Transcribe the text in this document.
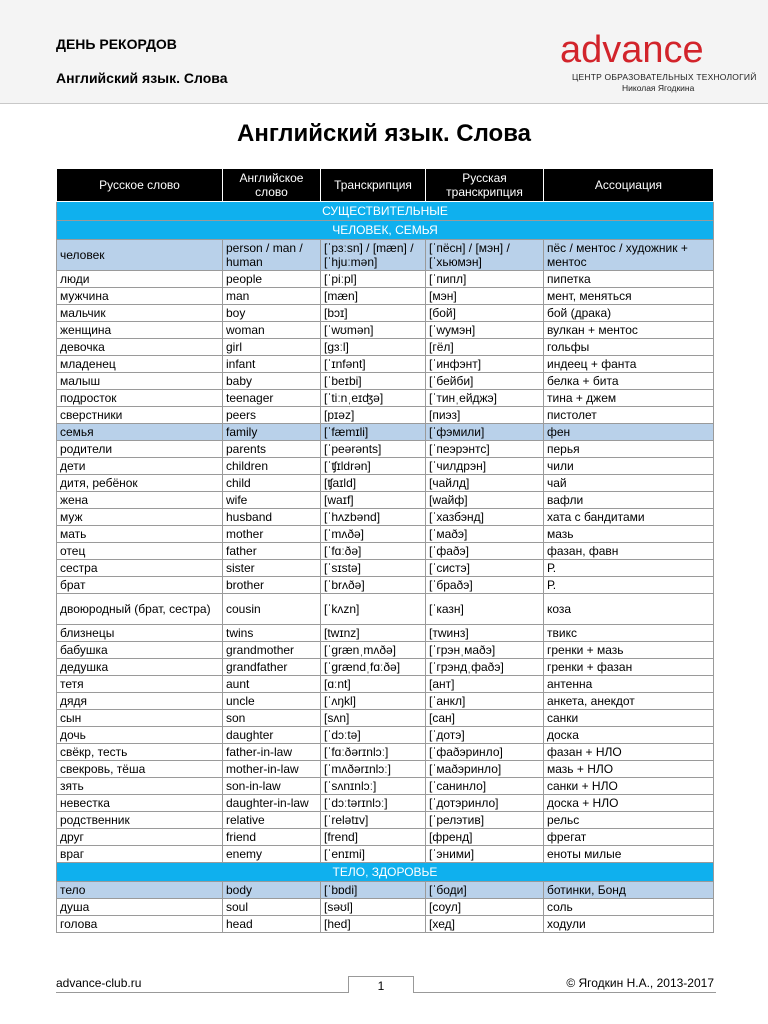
ДЕНЬ РЕКОРДОВ
Английский язык. Слова
advance
ЦЕНТР ОБРАЗОВАТЕЛЬНЫХ ТЕХНОЛОГИЙ
Николая Ягодкина
Английский язык. Слова
Русское слово	Английское слово	Транскрипция	Русская транскрипция	Ассоциация
СУЩЕСТВИТЕЛЬНЫЕ				
ЧЕЛОВЕК, СЕМЬЯ				
человек	person / man / human	[ˈpɜːsn] / [mæn] / [ˈhjuːmən]	[ˈпёсн] / [мэн] / [ˈхьюмэн]	пёс / ментос / художник + ментос
люди	people	[ˈpiːpl]	[ˈпипл]	пипетка
мужчина	man	[mæn]	[мэн]	мент, меняться
мальчик	boy	[bɔɪ]	[бой]	бой (драка)
женщина	woman	[ˈwʊmən]	[ˈwумэн]	вулкан + ментос
девочка	girl	[gɜːl]	[гёл]	гольфы
младенец	infant	[ˈɪnfənt]	[ˈинфэнт]	индеец + фанта
малыш	baby	[ˈbeɪbi]	[ˈбейби]	белка + бита
подросток	teenager	[ˈtiːnˌeɪʤə]	[ˈтинˌейджэ]	тина + джем
сверстники	peers	[pɪəz]	[пиэз]	пистолет
семья	family	[ˈfæmɪli]	[ˈфэмили]	фен
родители	parents	[ˈpeərənts]	[ˈпеэрэнтс]	перья
дети	children	[ˈʧɪldrən]	[ˈчилдрэн]	чили
дитя, ребёнок	child	[ʧaɪld]	[чайлд]	чай
жена	wife	[waɪf]	[wайф]	вафли
муж	husband	[ˈhʌzbənd]	[ˈхазбэнд]	хата с бандитами
мать	mother	[ˈmʌðə]	[ˈмаðэ]	мазь
отец	father	[ˈfɑːðə]	[ˈфаðэ]	фазан, фавн
сестра	sister	[ˈsɪstə]	[ˈсистэ]	Р.
брат	brother	[ˈbrʌðə]	[ˈбраðэ]	Р.
двоюродный (брат, сестра)	cousin	[ˈkʌzn]	[ˈказн]	коза
близнецы	twins	[twɪnz]	[тwинз]	твикс
бабушка	grandmother	[ˈgrænˌmʌðə]	[ˈгрэнˌмаðэ]	гренки + мазь
дедушка	grandfather	[ˈgrændˌfɑːðə]	[ˈгрэндˌфаðэ]	гренки + фазан
тетя	aunt	[ɑːnt]	[ант]	антенна
дядя	uncle	[ˈʌŋkl]	[ˈанкл]	анкета, анекдот
сын	son	[sʌn]	[сан]	санки
дочь	daughter	[ˈdɔːtə]	[ˈдотэ]	доска
свёкр, тесть	father-in-law	[ˈfɑːðərɪnlɔː]	[ˈфаðэринло]	фазан + НЛО
свекровь, тёша	mother-in-law	[ˈmʌðərɪnlɔː]	[ˈмаðэринло]	мазь + НЛО
зять	son-in-law	[ˈsʌnɪnlɔː]	[ˈсанинло]	санки + НЛО
невестка	daughter-in-law	[ˈdɔːtərɪnlɔː]	[ˈдотэринло]	доска + НЛО
родственник	relative	[ˈrelətɪv]	[ˈрелэтив]	рельс
друг	friend	[frend]	[френд]	фрегат
враг	enemy	[ˈenɪmi]	[ˈэними]	еноты милые
ТЕЛО, ЗДОРОВЬЕ				
тело	body	[ˈbɒdi]	[ˈбоди]	ботинки, Бонд
душа	soul	[səʊl]	[соул]	соль
голова	head	[hed]	[хед]	ходули
advance-club.ru	1	© Ягодкин Н.А., 2013-2017
